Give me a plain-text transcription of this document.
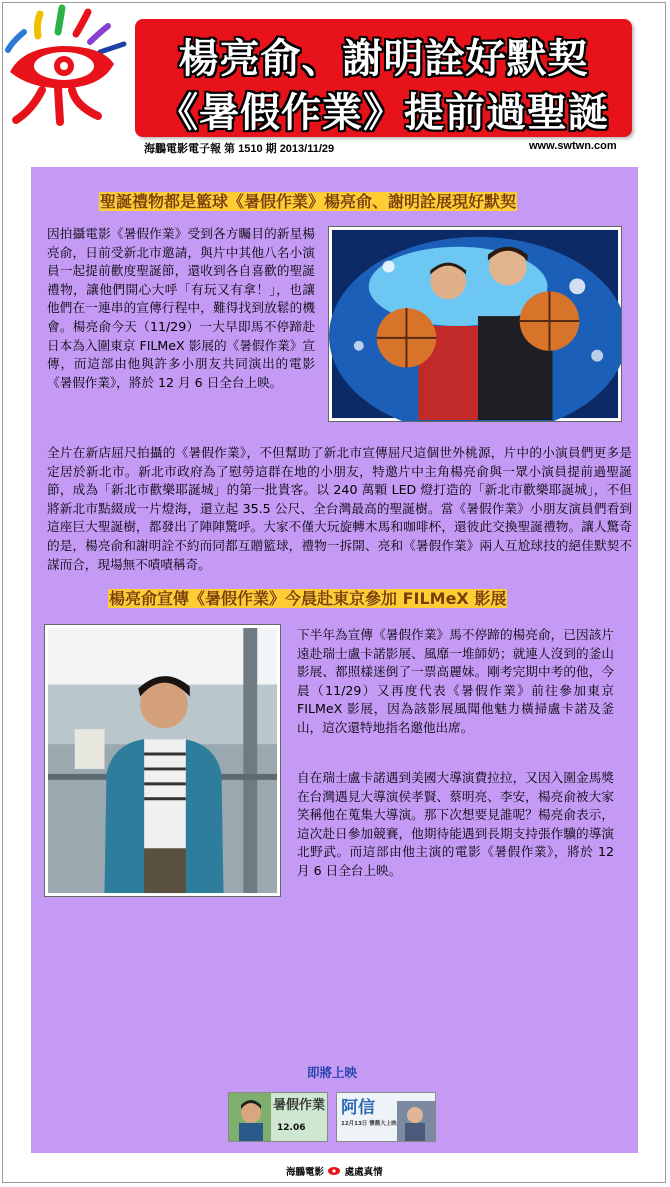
楊亮俞、謝明詮好默契
《暑假作業》提前過聖誕
海鵬電影電子報 第 1510 期 2013/11/29	www.swtwn.com
聖誕禮物都是籃球《暑假作業》楊亮俞、謝明詮展現好默契
因拍攝電影《暑假作業》受到各方矚目的新星楊亮俞，日前受新北市邀請，與片中其他八名小演員一起提前歡度聖誕節，還收到各自喜歡的聖誕禮物，讓他們開心大呼「有玩又有拿！」，也讓他們在一連串的宣傳行程中，難得找到放鬆的機會。楊亮俞今天（11/29）一大早即馬不停蹄赴日本為入圍東京 FILMeX 影展的《暑假作業》宣傳，而這部由他與許多小朋友共同演出的電影《暑假作業》，將於 12 月 6 日全台上映。
全片在新店屈尺拍攝的《暑假作業》，不但幫助了新北市宣傳屈尺這個世外桃源，片中的小演員們更多是定居於新北市。新北市政府為了慰勞這群在地的小朋友，特邀片中主角楊亮俞與一眾小演員提前過聖誕節，成為「新北市歡樂耶誕城」的第一批貴客。以 240 萬顆 LED 燈打造的「新北市歡樂耶誕城」，不但將新北市點綴成一片燈海，還立起 35.5 公尺、全台灣最高的聖誕樹。當《暑假作業》小朋友演員們看到這座巨大聖誕樹，都發出了陣陣驚呼。大家不僅大玩旋轉木馬和咖啡杯，還彼此交換聖誕禮物。讓人驚奇的是，楊亮俞和謝明詮不約而同都互贈籃球，禮物一拆開、亮和《暑假作業》兩人互尬球技的絕佳默契不謀而合，現場無不嘖嘖稱奇。
楊亮俞宣傳《暑假作業》今晨赴東京參加 FILMeX 影展
下半年為宣傳《暑假作業》馬不停蹄的楊亮俞，已因該片遠赴瑞士盧卡諾影展、風靡一堆師奶；就連人沒到的釜山影展、都照樣迷倒了一票高麗妹。剛考完期中考的他，今晨（11/29）又再度代表《暑假作業》前往參加東京 FILMeX 影展，因為該影展風聞他魅力橫掃盧卡諾及釜山，這次還特地指名邀他出席。
自在瑞士盧卡諾遇到美國大導演費拉拉，又因入圍金馬獎在台灣遇見大導演侯孝賢、蔡明亮、李安，楊亮俞被大家笑稱他在蒐集大導演。那下次想要見誰呢？楊亮俞表示，這次赴日參加競賽，他期待能遇到長期支持張作驥的導演北野武。而這部由他主演的電影《暑假作業》，將於 12 月 6 日全台上映。
即將上映
暑假作業
12.06
阿信
12月13日 懷舊大上映
海鵬電影 處處真情
